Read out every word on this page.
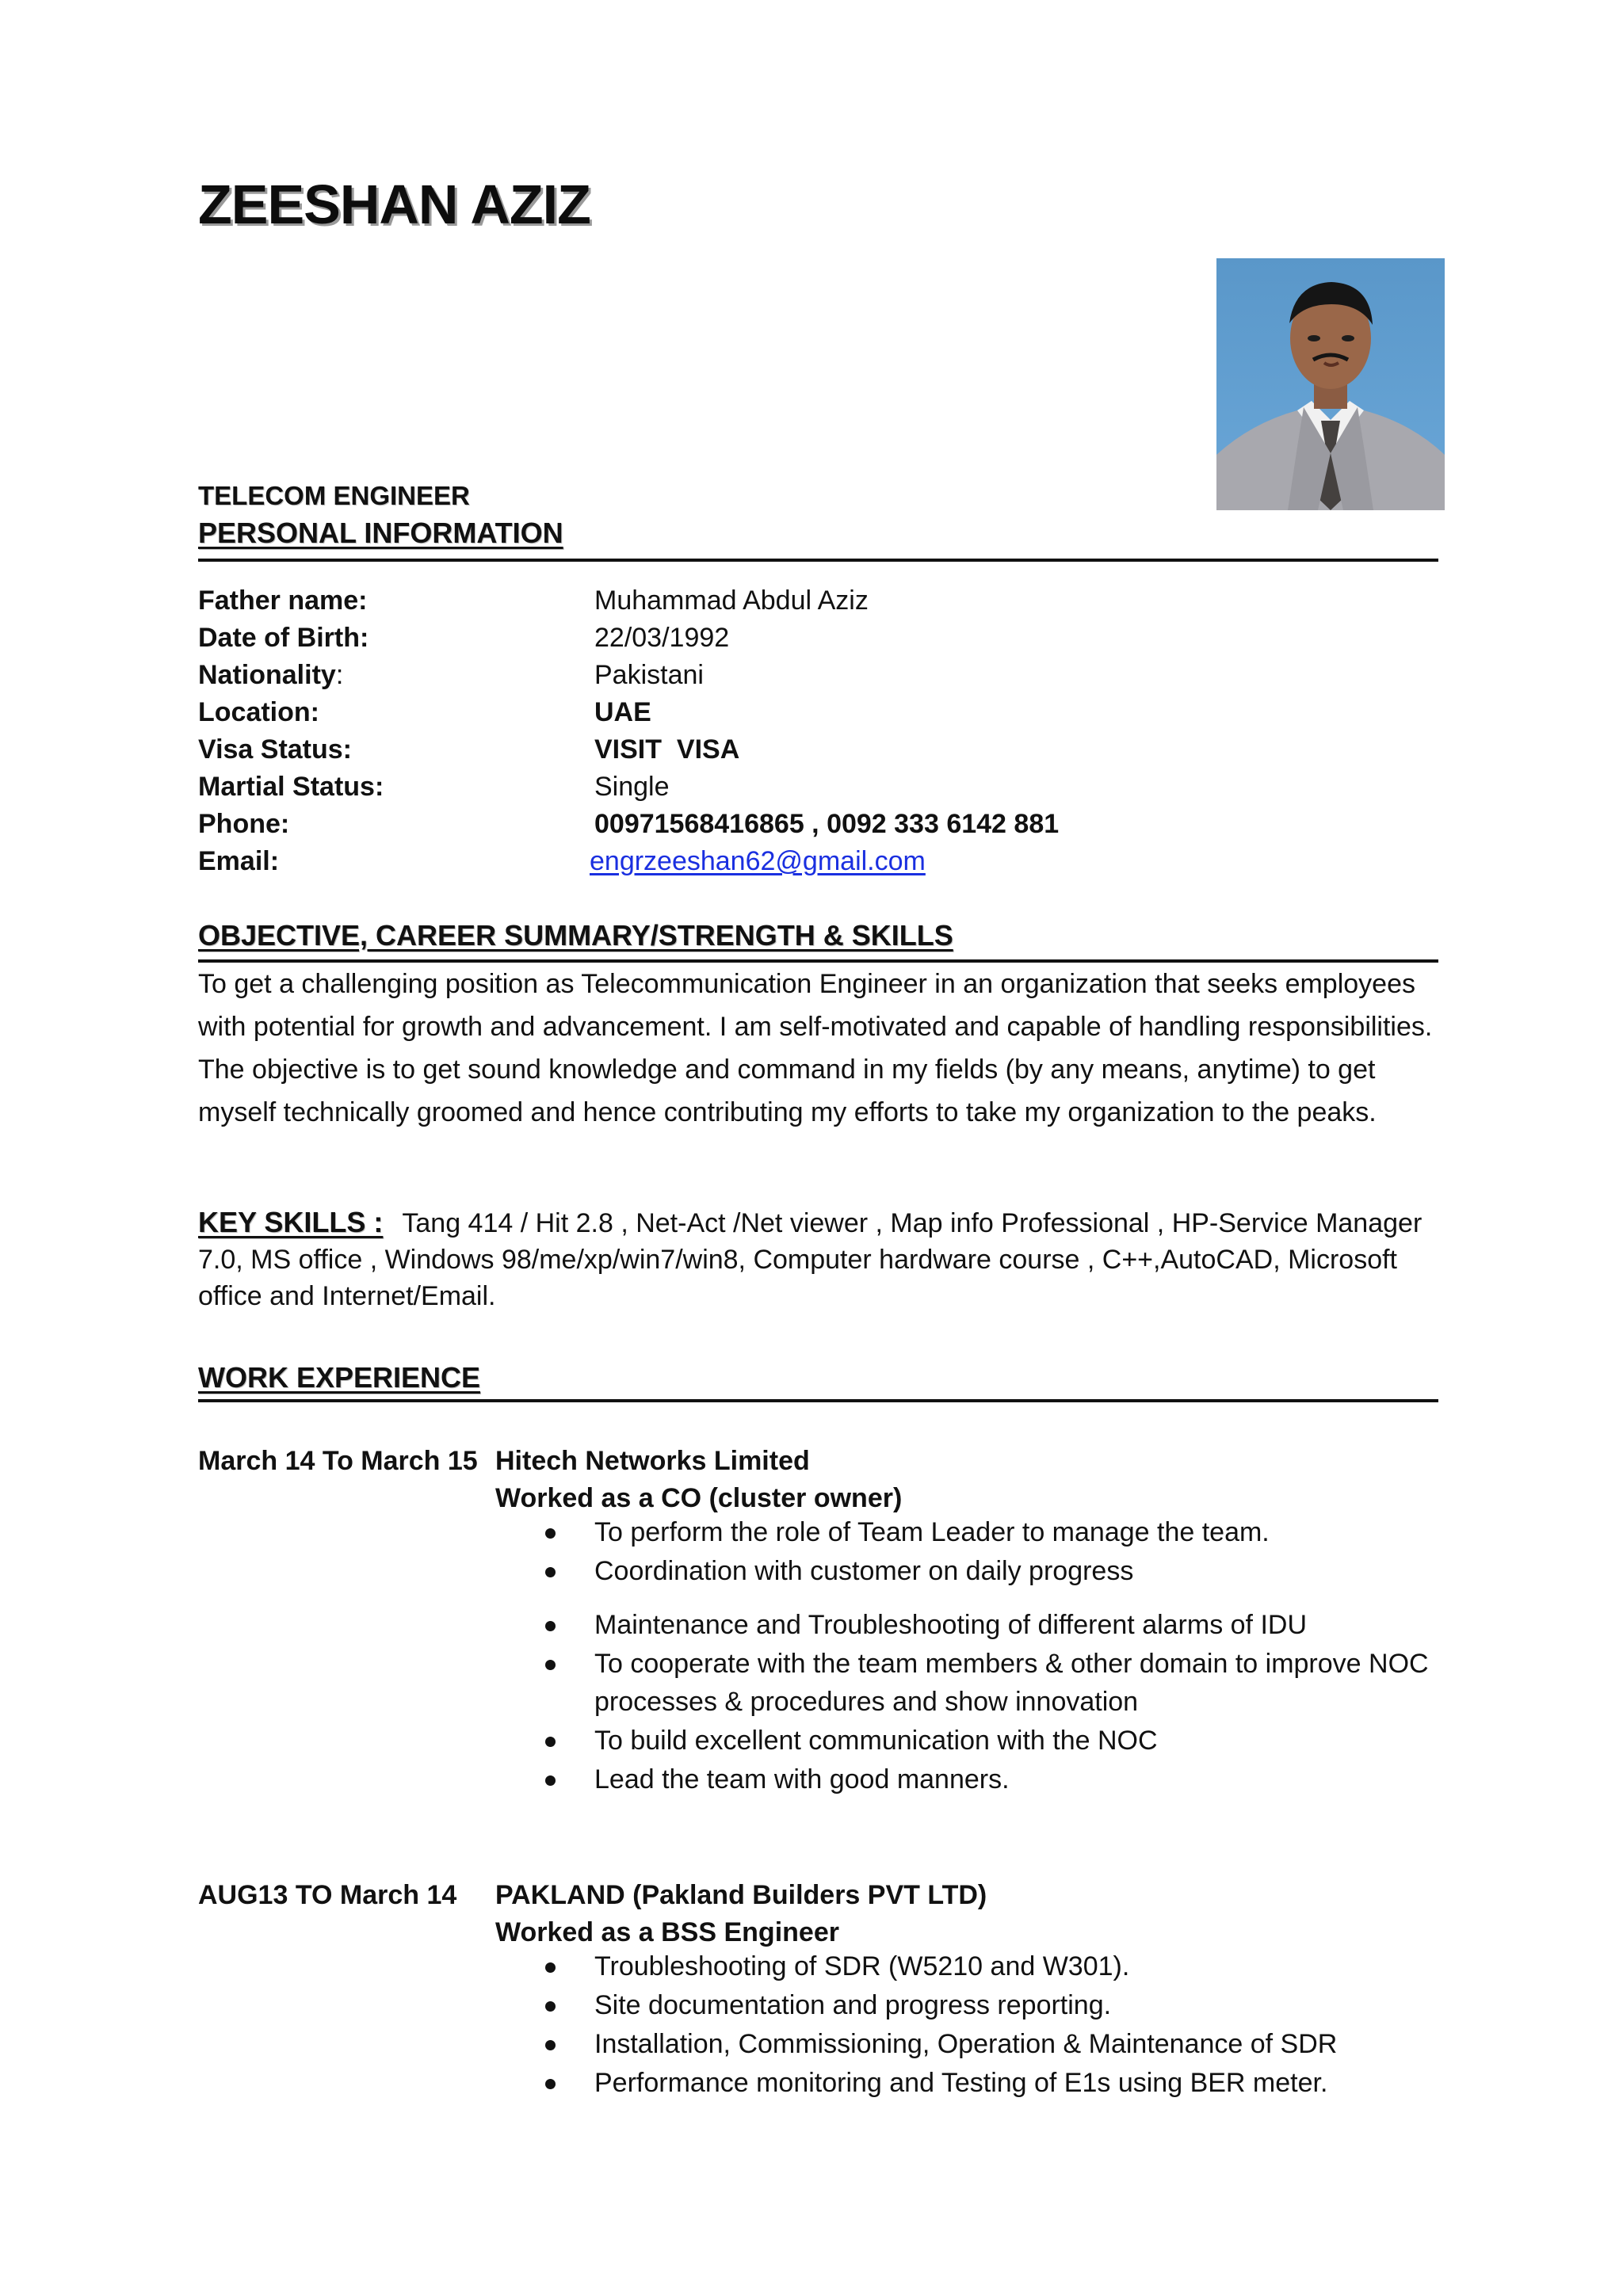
ZEESHAN AZIZ
TELECOM ENGINEER
PERSONAL INFORMATION
Father name:	Muhammad Abdul Aziz
Date of Birth:	22/03/1992
Nationality:	Pakistani
Location:	UAE
Visa Status:	VISIT  VISA
Martial Status:	Single
Phone:	00971568416865 , 0092 333 6142 881
Email:	engrzeeshan62@gmail.com
OBJECTIVE, CAREER SUMMARY/STRENGTH & SKILLS
To get a challenging position as Telecommunication Engineer in an organization that seeks employees with potential for growth and advancement. I am self-motivated and capable of handling responsibilities. The objective is to get sound knowledge and command in my fields (by any means, anytime) to get myself technically groomed and hence contributing my efforts to take my organization to the peaks.
KEY SKILLS : Tang 414 / Hit 2.8 , Net-Act /Net viewer , Map info Professional , HP-Service Manager 7.0, MS office , Windows 98/me/xp/win7/win8, Computer hardware course , C++,AutoCAD, Microsoft office and Internet/Email.
WORK EXPERIENCE
March 14 To March 15 Hitech Networks Limited
Worked as a CO (cluster owner)
To perform the role of Team Leader to manage the team.
Coordination with customer on daily progress
Maintenance and Troubleshooting of different alarms of IDU
To cooperate with the team members & other domain to improve NOC processes & procedures and show innovation
To build excellent communication with the NOC
Lead the team with good manners.
AUG13 TO March 14 PAKLAND (Pakland Builders PVT LTD)
Worked as a BSS Engineer
Troubleshooting of SDR (W5210 and W301).
Site documentation and progress reporting.
Installation, Commissioning, Operation & Maintenance of SDR
Performance monitoring and Testing of E1s using BER meter.
